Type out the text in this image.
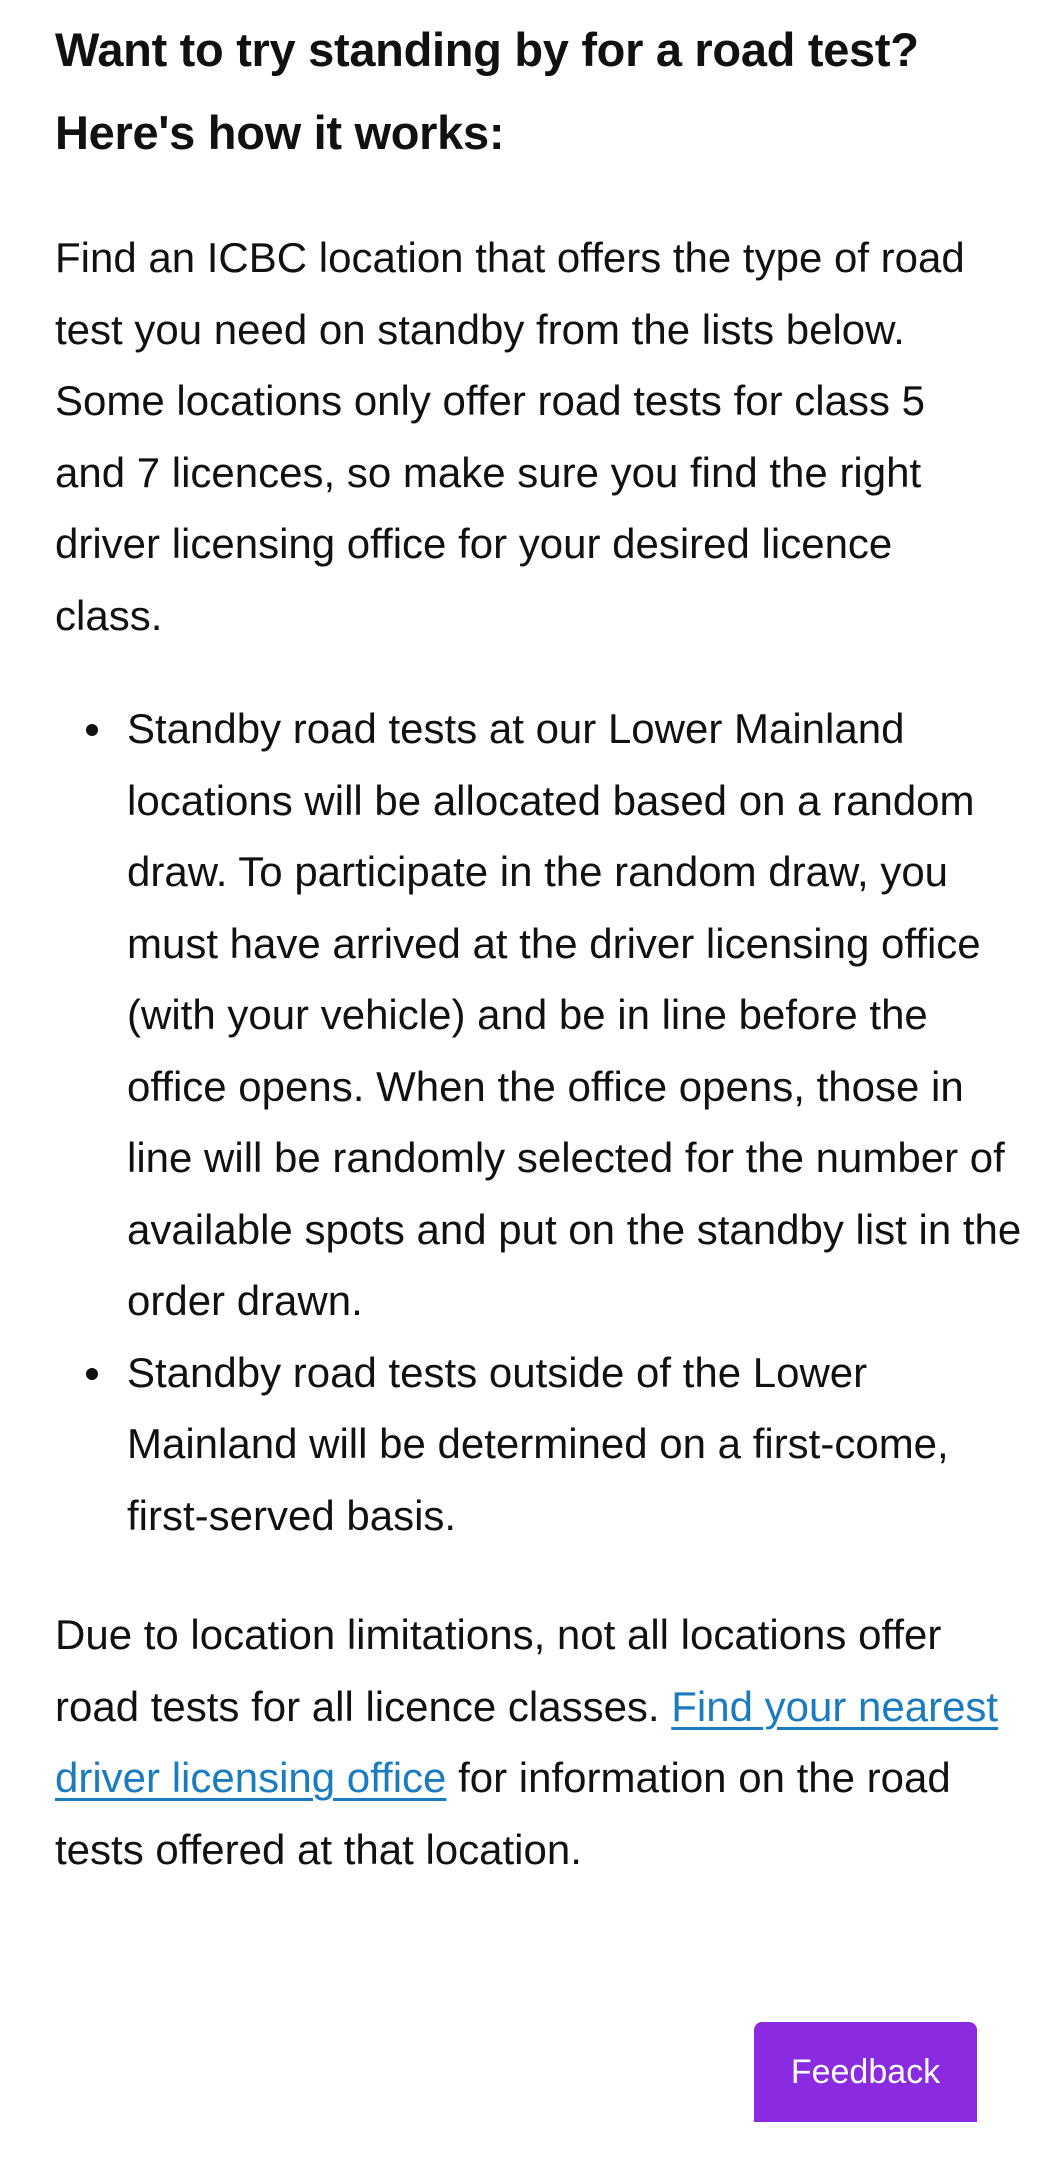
Want to try standing by for a road test? Here's how it works:

Find an ICBC location that offers the type of road test you need on standby from the lists below. Some locations only offer road tests for class 5 and 7 licences, so make sure you find the right driver licensing office for your desired licence class.

Standby road tests at our Lower Mainland locations will be allocated based on a random draw. To participate in the random draw, you must have arrived at the driver licensing office (with your vehicle) and be in line before the office opens. When the office opens, those in line will be randomly selected for the number of available spots and put on the standby list in the order drawn.
Standby road tests outside of the Lower Mainland will be determined on a first-come, first-served basis.

Due to location limitations, not all locations offer road tests for all licence classes. Find your nearest driver licensing office for information on the road tests offered at that location.

Feedback
